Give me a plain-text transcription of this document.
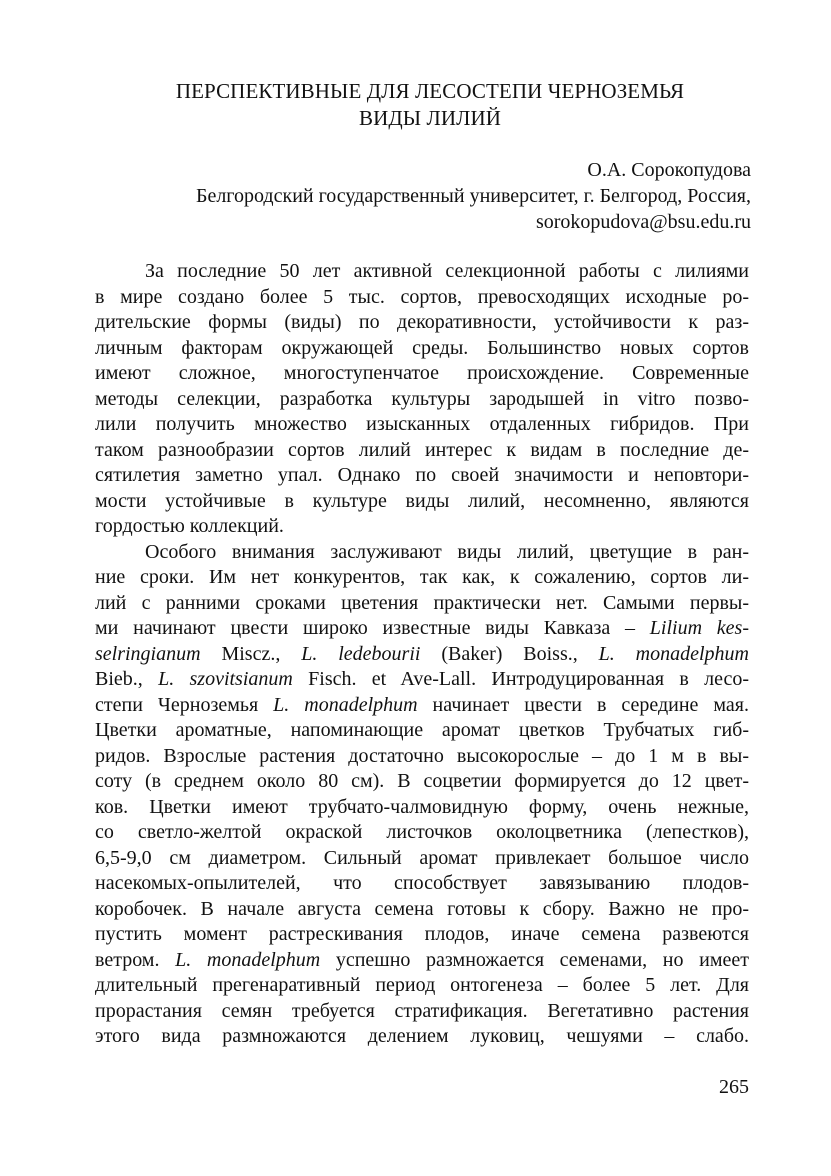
ПЕРСПЕКТИВНЫЕ ДЛЯ ЛЕСОСТЕПИ ЧЕРНОЗЕМЬЯ
ВИДЫ ЛИЛИЙ
О.А. Сорокопудова
Белгородский государственный университет, г. Белгород, Россия,
sorokopudova@bsu.edu.ru
За последние 50 лет активной селекционной работы с лилиями
в мире создано более 5 тыс. сортов, превосходящих исходные ро-
дительские формы (виды) по декоративности, устойчивости к раз-
личным факторам окружающей среды. Большинство новых сортов
имеют сложное, многоступенчатое происхождение. Современные
методы селекции, разработка культуры зародышей in vitro позво-
лили получить множество изысканных отдаленных гибридов. При
таком разнообразии сортов лилий интерес к видам в последние де-
сятилетия заметно упал. Однако по своей значимости и неповтори-
мости устойчивые в культуре виды лилий, несомненно, являются
гордостью коллекций.
Особого внимания заслуживают виды лилий, цветущие в ран-
ние сроки. Им нет конкурентов, так как, к сожалению, сортов ли-
лий с ранними сроками цветения практически нет. Самыми первы-
ми начинают цвести широко известные виды Кавказа – Lilium kes-
selringianum Miscz., L. ledebourii (Baker) Boiss., L. monadelphum
Bieb., L. szovitsianum Fisch. et Ave-Lall. Интродуцированная в лесо-
степи Черноземья L. monadelphum начинает цвести в середине мая.
Цветки ароматные, напоминающие аромат цветков Трубчатых гиб-
ридов. Взрослые растения достаточно высокорослые – до 1 м в вы-
соту (в среднем около 80 см). В соцветии формируется до 12 цвет-
ков. Цветки имеют трубчато-чалмовидную форму, очень нежные,
со светло-желтой окраской листочков околоцветника (лепестков),
6,5-9,0 см диаметром. Сильный аромат привлекает большое число
насекомых-опылителей, что способствует завязыванию плодов-
коробочек. В начале августа семена готовы к сбору. Важно не про-
пустить момент растрескивания плодов, иначе семена развеются
ветром. L. monadelphum успешно размножается семенами, но имеет
длительный прегенаративный период онтогенеза – более 5 лет. Для
прорастания семян требуется стратификация. Вегетативно растения
этого вида размножаются делением луковиц, чешуями – слабо.
265
